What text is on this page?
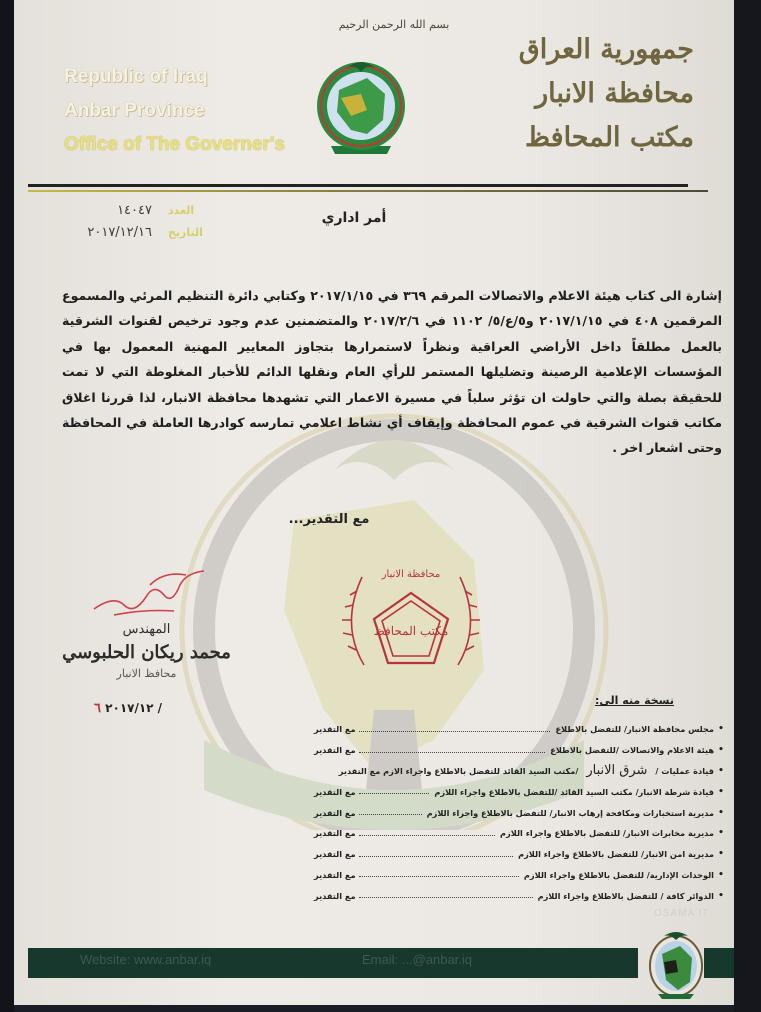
بسم الله الرحمن الرحيم
Republic of Iraq
Anbar Province
Office of The Governer's
جمهورية العراق
محافظة الانبار
مكتب المحافظ
١٤٠٤٧ العدد
٢٠١٧/١٢/١٦ التاريخ
أمر اداري

إشارة الى كتاب هيئة الاعلام والاتصالات المرقم ٣٦٩ في ٢٠١٧/١/١٥ وكتابي دائرة التنظيم المرئي والمسموع المرقمين ٤٠٨ في ٢٠١٧/١/١٥ و٥/ع/٥/ ١١٠٢ في ٢٠١٧/٢/٦ والمتضمنين عدم وجود ترخيص لقنوات الشرقية بالعمل مطلقاً داخل الأراضي العراقية ونظراً لاستمرارها بتجاوز المعايير المهنية المعمول بها في المؤسسات الإعلامية الرصينة وتضليلها المستمر للرأي العام ونقلها الدائم للأخبار المغلوطة التي لا تمت للحقيقة بصلة والتي حاولت ان تؤثر سلباً في مسيرة الاعمار التي تشهدها محافظة الانبار، لذا قررنا اغلاق مكاتب قنوات الشرقية في عموم المحافظة وإيقاف أي نشاط اعلامي تمارسه كوادرها العاملة في المحافظة وحتى اشعار اخر .

مع التقدير...
محافظة الانبار
مكتب المحافظ
المهندس
محمد ريكان الحلبوسي
محافظ الانبار
/ ٢٠١٧/١٢ ٦
نسخة منه الى:
•
مجلس محافظة الانبار/ للتفضل بالاطلاع
مع التقدير
•
هيئة الاعلام والاتصالات /للتفضل بالاطلاع
مع التقدير
•
قيادة عمليات /
شرق الانبار
/مكتب السيد القائد للتفضل بالاطلاع واجراء الازم مع التقدير
•
قيادة شرطة الانبار/ مكتب السيد القائد /للتفضل بالاطلاع واجراء اللازم
مع التقدير
•
مديرية استخبارات ومكافحة إرهاب الانبار/ للتفضل بالاطلاع واجراء اللازم
مع التقدير
•
مديرية مخابرات الانبار/ للتفضل بالاطلاع واجراء اللازم
مع التقدير
•
مديرية امن الانبار/ للتفضل بالاطلاع واجراء اللازم
مع التقدير
•
الوحدات الإدارية/ للتفضل بالاطلاع واجراء اللازم
مع التقدير
•
الدوائر كافة / للتفضل بالاطلاع واجراء اللازم
مع التقدير
OSAMA IT
Website: www.anbar.iq	Email: ...@anbar.iq
